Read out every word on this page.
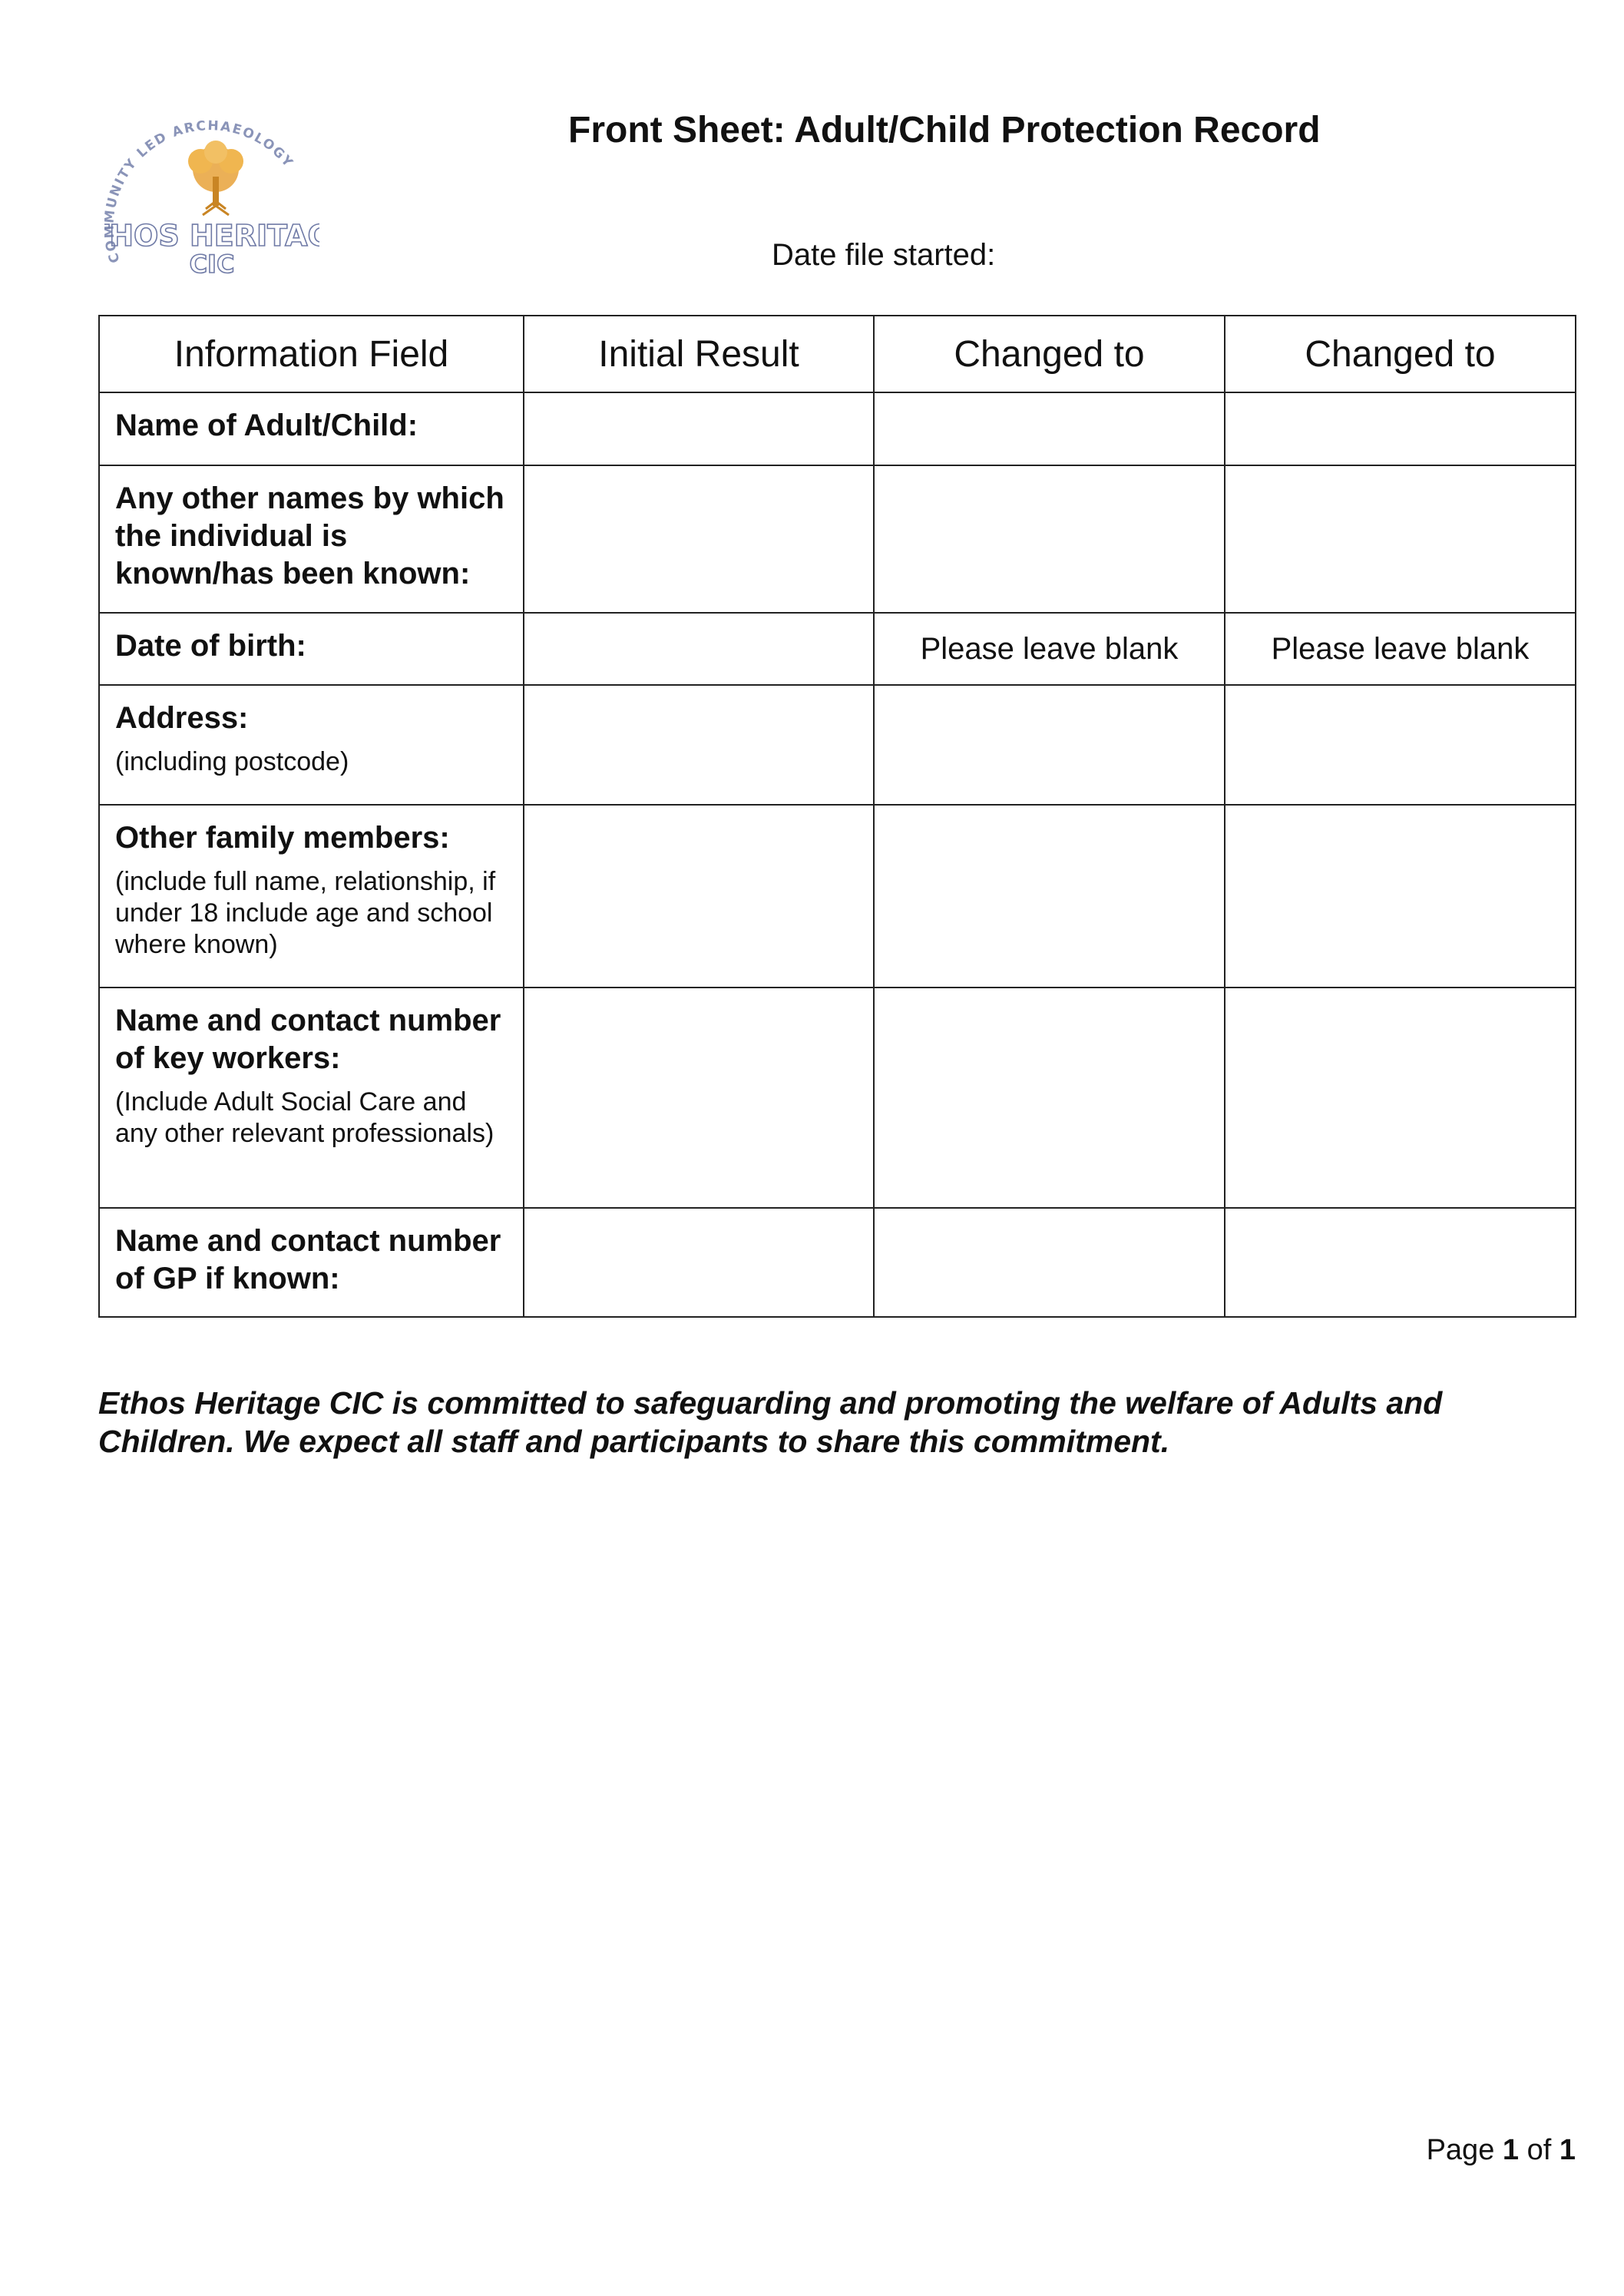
C UNITY LED ARCHAEOLOGY
HOS HERITA
CIC
Front Sheet: Adult/Child Protection Record
Date file started:
Information Field	Initial Result	Changed to	Changed to

Name of Adult/Child:			

Any other names by which the individual is known/has been known:			

Date of birth:		Please leave blank	Please leave blank

Address:
(including postcode)			

Other family members:
(include full name, relationship, if under 18 include age and school where known)			

Name and contact number of key workers:
(Include Adult Social Care and any other relevant professionals)			

Name and contact number of GP if known:			

Ethos Heritage CIC is committed to safeguarding and promoting the welfare of Adults and Children. We expect all staff and participants to share this commitment.
Page 1 of 1
